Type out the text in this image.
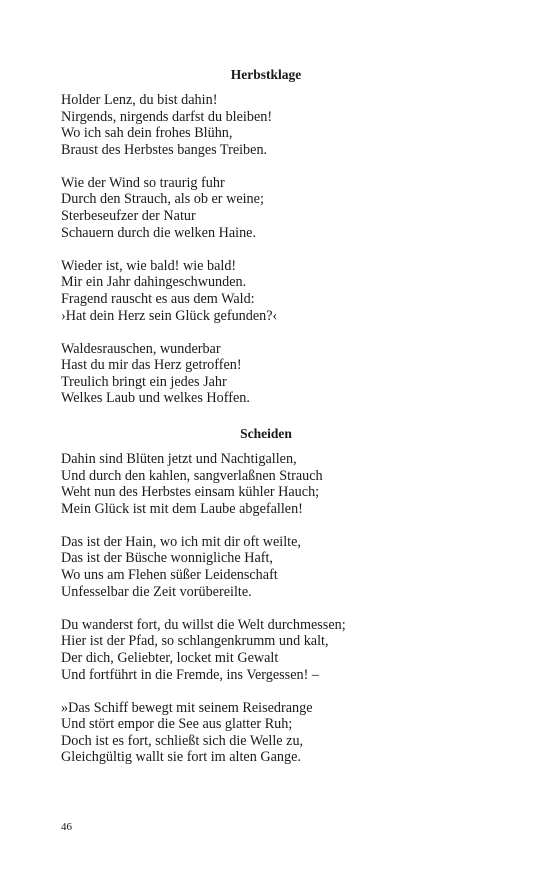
Herbstklage
Holder Lenz, du bist dahin!
Nirgends, nirgends darfst du bleiben!
Wo ich sah dein frohes Blühn,
Braust des Herbstes banges Treiben.
Wie der Wind so traurig fuhr
Durch den Strauch, als ob er weine;
Sterbeseufzer der Natur
Schauern durch die welken Haine.
Wieder ist, wie bald! wie bald!
Mir ein Jahr dahingeschwunden.
Fragend rauscht es aus dem Wald:
›Hat dein Herz sein Glück gefunden?‹
Waldesrauschen, wunderbar
Hast du mir das Herz getroffen!
Treulich bringt ein jedes Jahr
Welkes Laub und welkes Hoffen.
Scheiden
Dahin sind Blüten jetzt und Nachtigallen,
Und durch den kahlen, sangverlaßnen Strauch
Weht nun des Herbstes einsam kühler Hauch;
Mein Glück ist mit dem Laube abgefallen!
Das ist der Hain, wo ich mit dir oft weilte,
Das ist der Büsche wonnigliche Haft,
Wo uns am Flehen süßer Leidenschaft
Unfesselbar die Zeit vorübereilte.
Du wanderst fort, du willst die Welt durchmessen;
Hier ist der Pfad, so schlangenkrumm und kalt,
Der dich, Geliebter, locket mit Gewalt
Und fortführt in die Fremde, ins Vergessen! –
»Das Schiff bewegt mit seinem Reisedrange
Und stört empor die See aus glatter Ruh;
Doch ist es fort, schließt sich die Welle zu,
Gleichgültig wallt sie fort im alten Gange.
46
